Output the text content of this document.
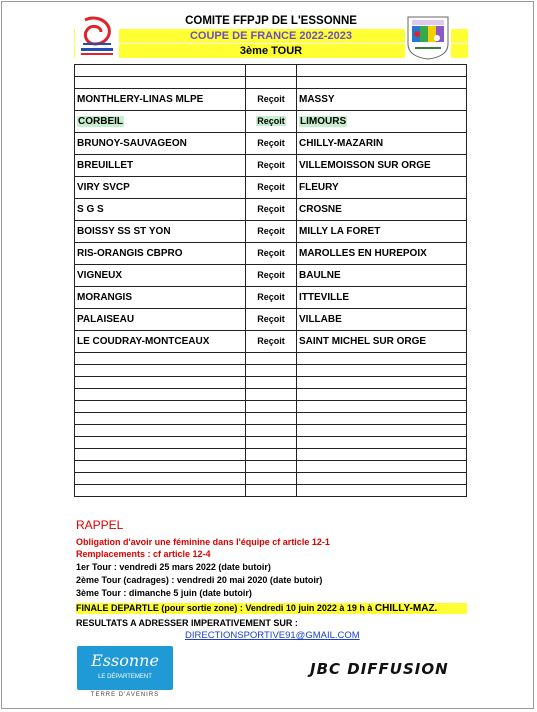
COMITE FFPJP DE L'ESSONNE
COUPE DE FRANCE 2022-2023
3ème TOUR

MONTHLERY-LINAS MLPE	Reçoit	MASSY
CORBEIL	Reçoit	LIMOURS
BRUNOY-SAUVAGEON	Reçoit	CHILLY-MAZARIN
BREUILLET	Reçoit	VILLEMOISSON SUR ORGE
VIRY SVCP	Reçoit	FLEURY
S G S	Reçoit	CROSNE
BOISSY SS ST YON	Reçoit	MILLY LA FORET
RIS-ORANGIS CBPRO	Reçoit	MAROLLES EN HUREPOIX
VIGNEUX	Reçoit	BAULNE
MORANGIS	Reçoit	ITTEVILLE
PALAISEAU	Reçoit	VILLABE
LE COUDRAY-MONTCEAUX	Reçoit	SAINT MICHEL SUR ORGE

RAPPEL
Obligation d'avoir une féminine dans l'équipe cf article 12-1
Remplacements : cf article 12-4
1er Tour : vendredi 25 mars 2022 (date butoir)
2ème Tour (cadrages) : vendredi 20 mai 2020 (date butoir)
3ème Tour : dimanche 5 juin (date butoir)
FINALE DEPARTLE (pour sortie zone) : Vendredi 10 juin 2022 à 19 h à CHILLY-MAZ.
RESULTATS A ADRESSER IMPERATIVEMENT SUR :
DIRECTIONSPORTIVE91@GMAIL.COM
Essonne
LE DÉPARTEMENT
TERRE D'AVENIRS
JBC DIFFUSION
